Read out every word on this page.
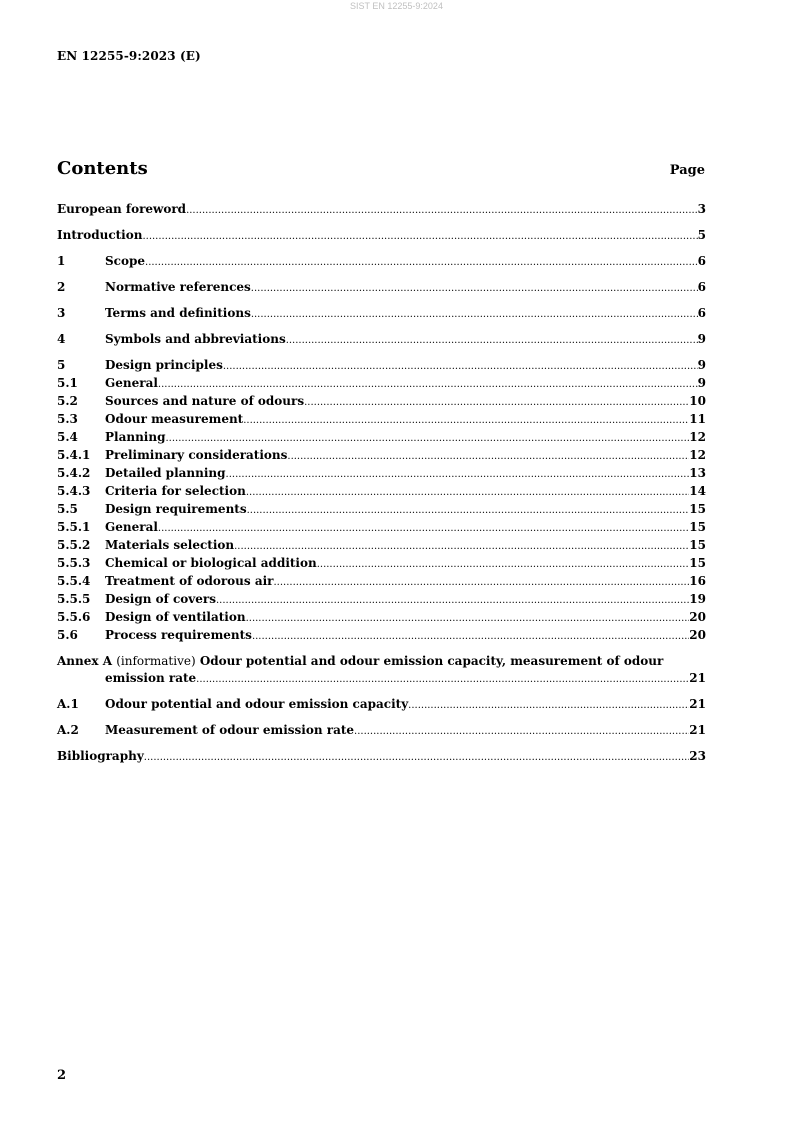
SIST EN 12255-9:2024
EN 12255-9:2023 (E)
Contents	Page
European foreword .....	3
Introduction .....	5
1	Scope .....	6
2	Normative references .....	6
3	Terms and definitions .....	6
4	Symbols and abbreviations .....	9
5	Design principles .....	9
5.1	General .....	9
5.2	Sources and nature of odours .....	10
5.3	Odour measurement .....	11
5.4	Planning .....	12
5.4.1	Preliminary considerations .....	12
5.4.2	Detailed planning .....	13
5.4.3	Criteria for selection .....	14
5.5	Design requirements .....	15
5.5.1	General .....	15
5.5.2	Materials selection .....	15
5.5.3	Chemical or biological addition .....	15
5.5.4	Treatment of odorous air .....	16
5.5.5	Design of covers .....	19
5.5.6	Design of ventilation .....	20
5.6	Process requirements .....	20
Annex A (informative) Odour potential and odour emission capacity, measurement of odour
emission rate .....	21
A.1	Odour potential and odour emission capacity .....	21
A.2	Measurement of odour emission rate .....	21
Bibliography .....	23
2
